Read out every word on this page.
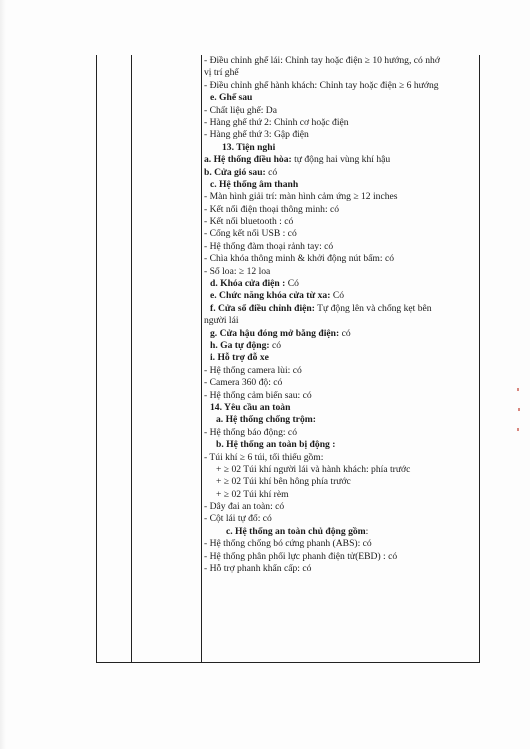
- Điều chỉnh ghế lái: Chỉnh tay hoặc điện ≥ 10 hướng, có nhớ
vị trí ghế
- Điều chỉnh ghế hành khách: Chỉnh tay hoặc điện ≥ 6 hướng
e. Ghế sau
- Chất liệu ghế: Da
- Hàng ghế thứ 2: Chỉnh cơ hoặc điện
- Hàng ghế thứ 3: Gập điện
13. Tiện nghi
a. Hệ thống điều hòa: tự động hai vùng khí hậu
b. Cửa gió sau: có
c. Hệ thống âm thanh
- Màn hình giải trí: màn hình cảm ứng ≥ 12 inches
- Kết nối điện thoại thông minh: có
- Kết nối bluetooth : có
- Cổng kết nối USB : có
- Hệ thống đàm thoại rảnh tay: có
- Chìa khóa thông minh & khởi động nút bấm: có
- Số loa: ≥ 12 loa
d. Khóa cửa điện : Có
e. Chức năng khóa cửa từ xa: Có
f. Cửa sổ điều chỉnh điện: Tự động lên và chống kẹt bên
người lái
g. Cửa hậu đóng mở bằng điện: có
h. Ga tự động: có
i. Hỗ trợ đỗ xe
- Hệ thống camera lùi: có
- Camera 360 độ: có
- Hệ thống cảm biến sau: có
14. Yêu cầu an toàn
a. Hệ thống chống trộm:
- Hệ thống báo động: có
b. Hệ thống an toàn bị động :
- Túi khí ≥ 6 túi, tối thiểu gồm:
+ ≥ 02 Túi khí người lái và hành khách: phía trước
+ ≥ 02 Túi khí bên hông phía trước
+ ≥ 02 Túi khí rèm
- Dây đai an toàn: có
- Cột lái tự đổ: có
c. Hệ thống an toàn chủ động gồm:
- Hệ thống chống bó cứng phanh (ABS): có
- Hệ thống phân phối lực phanh điện tử(EBD) : có
- Hỗ trợ phanh khẩn cấp: có
